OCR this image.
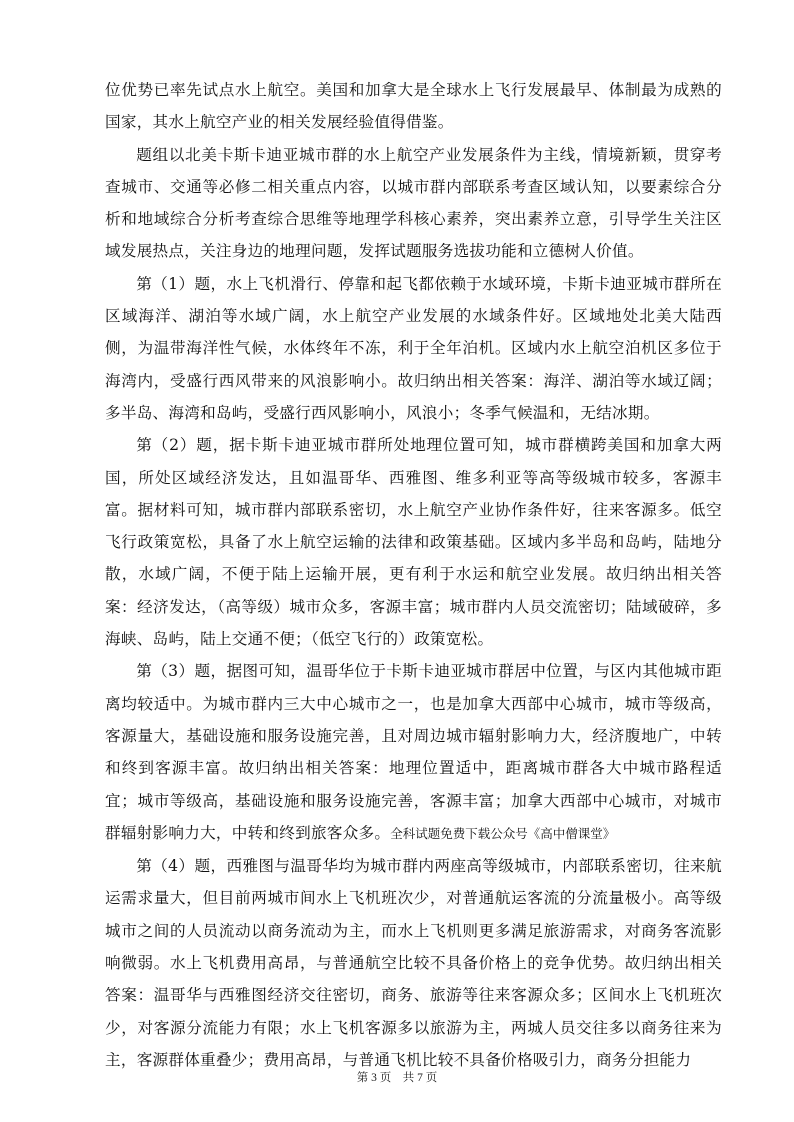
位优势已率先试点水上航空。美国和加拿大是全球水上飞行发展最早、体制最为成熟的国家，其水上航空产业的相关发展经验值得借鉴。

题组以北美卡斯卡迪亚城市群的水上航空产业发展条件为主线，情境新颖，贯穿考查城市、交通等必修二相关重点内容，以城市群内部联系考查区域认知，以要素综合分析和地域综合分析考查综合思维等地理学科核心素养，突出素养立意，引导学生关注区域发展热点，关注身边的地理问题，发挥试题服务选拔功能和立德树人价值。

第（1）题，水上飞机滑行、停靠和起飞都依赖于水域环境，卡斯卡迪亚城市群所在区域海洋、湖泊等水域广阔，水上航空产业发展的水域条件好。区域地处北美大陆西侧，为温带海洋性气候，水体终年不冻，利于全年泊机。区域内水上航空泊机区多位于海湾内，受盛行西风带来的风浪影响小。故归纳出相关答案：海洋、湖泊等水域辽阔；多半岛、海湾和岛屿，受盛行西风影响小，风浪小；冬季气候温和，无结冰期。

第（2）题，据卡斯卡迪亚城市群所处地理位置可知，城市群横跨美国和加拿大两国，所处区域经济发达，且如温哥华、西雅图、维多利亚等高等级城市较多，客源丰富。据材料可知，城市群内部联系密切，水上航空产业协作条件好，往来客源多。低空飞行政策宽松，具备了水上航空运输的法律和政策基础。区域内多半岛和岛屿，陆地分散，水域广阔，不便于陆上运输开展，更有利于水运和航空业发展。故归纳出相关答案：经济发达，（高等级）城市众多，客源丰富；城市群内人员交流密切；陆域破碎，多海峡、岛屿，陆上交通不便；（低空飞行的）政策宽松。

第（3）题，据图可知，温哥华位于卡斯卡迪亚城市群居中位置，与区内其他城市距离均较适中。为城市群内三大中心城市之一，也是加拿大西部中心城市，城市等级高，客源量大，基础设施和服务设施完善，且对周边城市辐射影响力大，经济腹地广，中转和终到客源丰富。故归纳出相关答案：地理位置适中，距离城市群各大中城市路程适宜；城市等级高，基础设施和服务设施完善，客源丰富；加拿大西部中心城市，对城市群辐射影响力大，中转和终到旅客众多。全科试题免费下载公众号《高中僧课堂》

第（4）题，西雅图与温哥华均为城市群内两座高等级城市，内部联系密切，往来航运需求量大，但目前两城市间水上飞机班次少，对普通航运客流的分流量极小。高等级城市之间的人员流动以商务流动为主，而水上飞机则更多满足旅游需求，对商务客流影响微弱。水上飞机费用高昂，与普通航空比较不具备价格上的竞争优势。故归纳出相关答案：温哥华与西雅图经济交往密切，商务、旅游等往来客源众多；区间水上飞机班次少，对客源分流能力有限；水上飞机客源多以旅游为主，两城人员交往多以商务往来为主，客源群体重叠少；费用高昂，与普通飞机比较不具备价格吸引力，商务分担能力

第 3 页　共 7 页
